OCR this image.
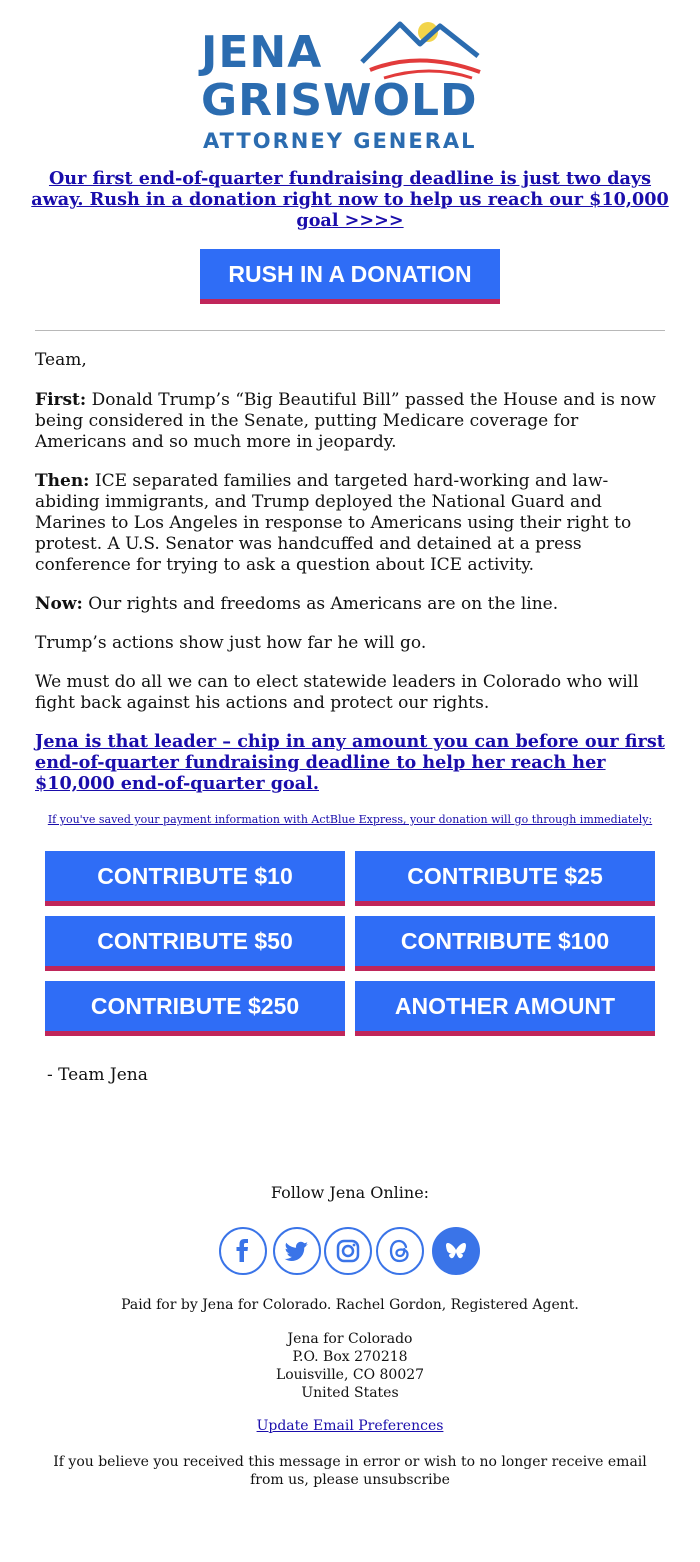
JENA
GRISWOLD
ATTORNEY GENERAL
Our first end-of-quarter fundraising deadline is just two days away. Rush in a donation right now to help us reach our $10,000 goal >>>>
RUSH IN A DONATION
Team,
First: Donald Trump’s “Big Beautiful Bill” passed the House and is now being considered in the Senate, putting Medicare coverage for Americans and so much more in jeopardy.
Then: ICE separated families and targeted hard-working and law-abiding immigrants, and Trump deployed the National Guard and Marines to Los Angeles in response to Americans using their right to protest. A U.S. Senator was handcuffed and detained at a press conference for trying to ask a question about ICE activity.
Now: Our rights and freedoms as Americans are on the line.
Trump’s actions show just how far he will go.
We must do all we can to elect statewide leaders in Colorado who will fight back against his actions and protect our rights.
Jena is that leader – chip in any amount you can before our first end-of-quarter fundraising deadline to help her reach her $10,000 end-of-quarter goal.
If you've saved your payment information with ActBlue Express, your donation will go through immediately:
CONTRIBUTE $10	CONTRIBUTE $25
CONTRIBUTE $50	CONTRIBUTE $100
CONTRIBUTE $250	ANOTHER AMOUNT
- Team Jena
Follow Jena Online:
Paid for by Jena for Colorado. Rachel Gordon, Registered Agent.
Jena for Colorado
P.O. Box 270218
Louisville, CO 80027
United States
Update Email Preferences
If you believe you received this message in error or wish to no longer receive email from us, please unsubscribe
